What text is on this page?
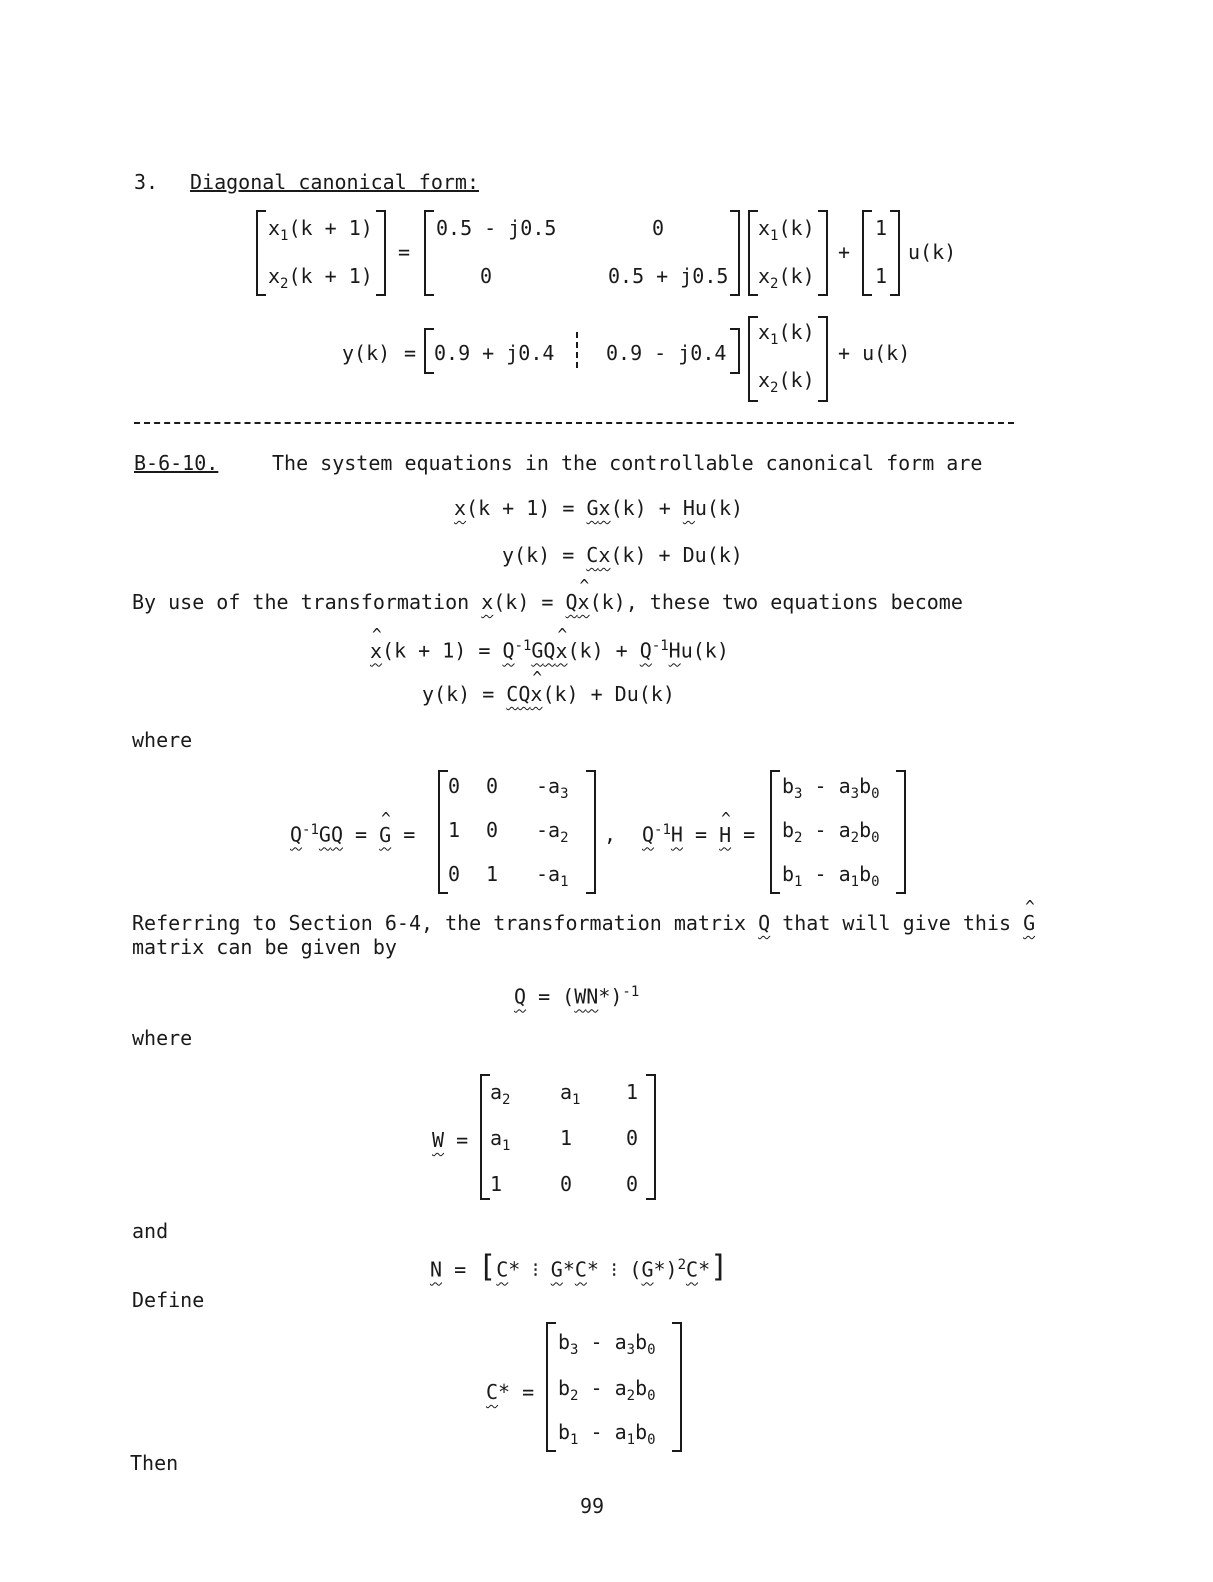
3. Diagonal canonical form:
$x_1(k + 1)$
$x_2(k + 1)$
=
0.5 - j0.5	0
0	0.5 + j0.5
$x_1(k)$
$x_2(k)$
+
1
1
u(k)
y(k) = 0.9 + j0.4	0.9 - j0.4
$x_1(k)$
$x_2(k)$
+ u(k)
B-6-10.	The system equations in the controllable canonical form are
x(k + 1) = Gx(k) + Hu(k)
y(k) = Cx(k) + Du(k)
By use of the transformation x(k) = Q^ x(k), these two equations become
^ $x(k + 1) = Q^{-1}GQ\^{}$ $x(k) + Q^{-1}Hu(k)$
y(k) = CQ^ x(k) + Du(k)
where
$Q^{-1}GQ$ = ^ G =
0 0 $-a_3$
1 0 $-a_2$
0 1 $-a_1$
, $Q^{-1}H$ = ^ H =
$b_3 - a_3b_0$
$b_2 - a_2b_0$
$b_1 - a_1b_0$
Referring to Section 6-4, the transformation matrix Q that will give this ^ G
matrix can be given by
$Q = (WN*)^{-1}$
where
W =
$a_2$ $a_1$ 1
$a_1$ 1	0
1	0	0
and
N = [C* ⁝ G*C* ⁝ $(G*)^2C*$]
Define
C* =
$b_3 - a_3b_0$
$b_2 - a_2b_0$
$b_1 - a_1b_0$
Then
99
